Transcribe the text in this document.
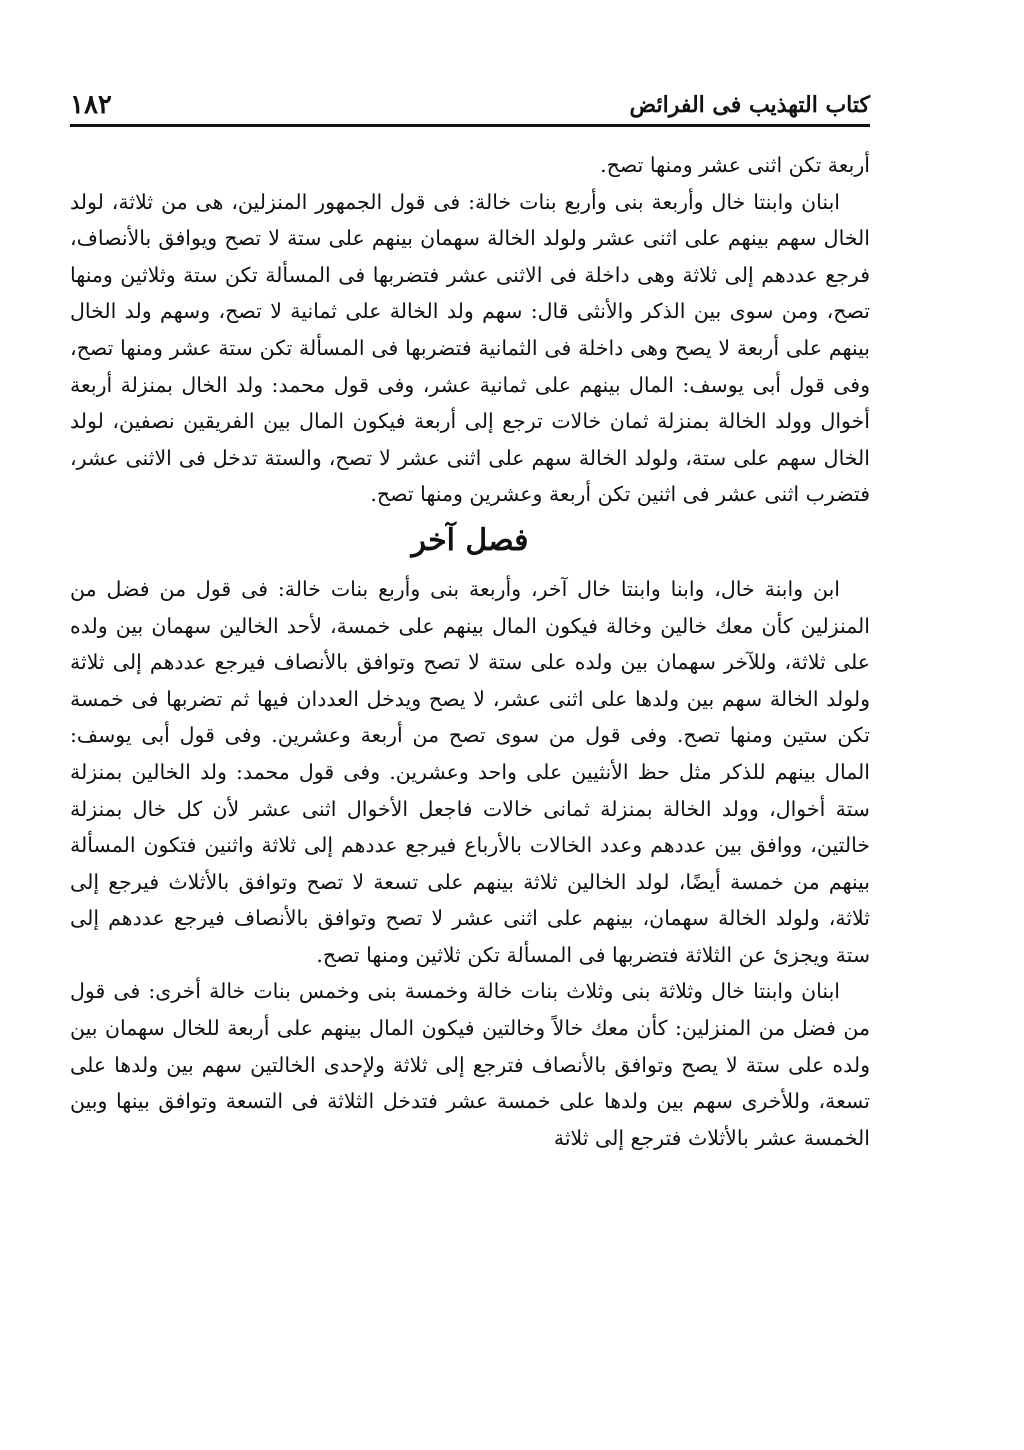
كتاب التهذيب فى الفرائض
١٨٢

أربعة تكن اثنى عشر ومنها تصح.

ابنان وابنتا خال وأربعة بنى وأربع بنات خالة: فى قول الجمهور المنزلين، هى من ثلاثة، لولد الخال سهم بينهم على اثنى عشر ولولد الخالة سهمان بينهم على ستة لا تصح ويوافق بالأنصاف، فرجع عددهم إلى ثلاثة وهى داخلة فى الاثنى عشر فتضربها فى المسألة تكن ستة وثلاثين ومنها تصح، ومن سوى بين الذكر والأنثى قال: سهم ولد الخالة على ثمانية لا تصح، وسهم ولد الخال بينهم على أربعة لا يصح وهى داخلة فى الثمانية فتضربها فى المسألة تكن ستة عشر ومنها تصح، وفى قول أبى يوسف: المال بينهم على ثمانية عشر، وفى قول محمد: ولد الخال بمنزلة أربعة أخوال وولد الخالة بمنزلة ثمان خالات ترجع إلى أربعة فيكون المال بين الفريقين نصفين، لولد الخال سهم على ستة، ولولد الخالة سهم على اثنى عشر لا تصح، والستة تدخل فى الاثنى عشر، فتضرب اثنى عشر فى اثنين تكن أربعة وعشرين ومنها تصح.

فصل آخر

ابن وابنة خال، وابنا وابنتا خال آخر، وأربعة بنى وأربع بنات خالة: فى قول من فضل من المنزلين كأن معك خالين وخالة فيكون المال بينهم على خمسة، لأحد الخالين سهمان بين ولده على ثلاثة، وللآخر سهمان بين ولده على ستة لا تصح وتوافق بالأنصاف فيرجع عددهم إلى ثلاثة ولولد الخالة سهم بين ولدها على اثنى عشر، لا يصح ويدخل العددان فيها ثم تضربها فى خمسة تكن ستين ومنها تصح. وفى قول من سوى تصح من أربعة وعشرين. وفى قول أبى يوسف: المال بينهم للذكر مثل حظ الأنثيين على واحد وعشرين. وفى قول محمد: ولد الخالين بمنزلة ستة أخوال، وولد الخالة بمنزلة ثمانى خالات فاجعل الأخوال اثنى عشر لأن كل خال بمنزلة خالتين، ووافق بين عددهم وعدد الخالات بالأرباع فيرجع عددهم إلى ثلاثة واثنين فتكون المسألة بينهم من خمسة أيضًا، لولد الخالين ثلاثة بينهم على تسعة لا تصح وتوافق بالأثلاث فيرجع إلى ثلاثة، ولولد الخالة سهمان، بينهم على اثنى عشر لا تصح وتوافق بالأنصاف فيرجع عددهم إلى ستة ويجزئ عن الثلاثة فتضربها فى المسألة تكن ثلاثين ومنها تصح.

ابنان وابنتا خال وثلاثة بنى وثلاث بنات خالة وخمسة بنى وخمس بنات خالة أخرى: فى قول من فضل من المنزلين: كأن معك خالاً وخالتين فيكون المال بينهم على أربعة للخال سهمان بين ولده على ستة لا يصح وتوافق بالأنصاف فترجع إلى ثلاثة ولإحدى الخالتين سهم بين ولدها على تسعة، وللأخرى سهم بين ولدها على خمسة عشر فتدخل الثلاثة فى التسعة وتوافق بينها وبين الخمسة عشر بالأثلاث فترجع إلى ثلاثة
